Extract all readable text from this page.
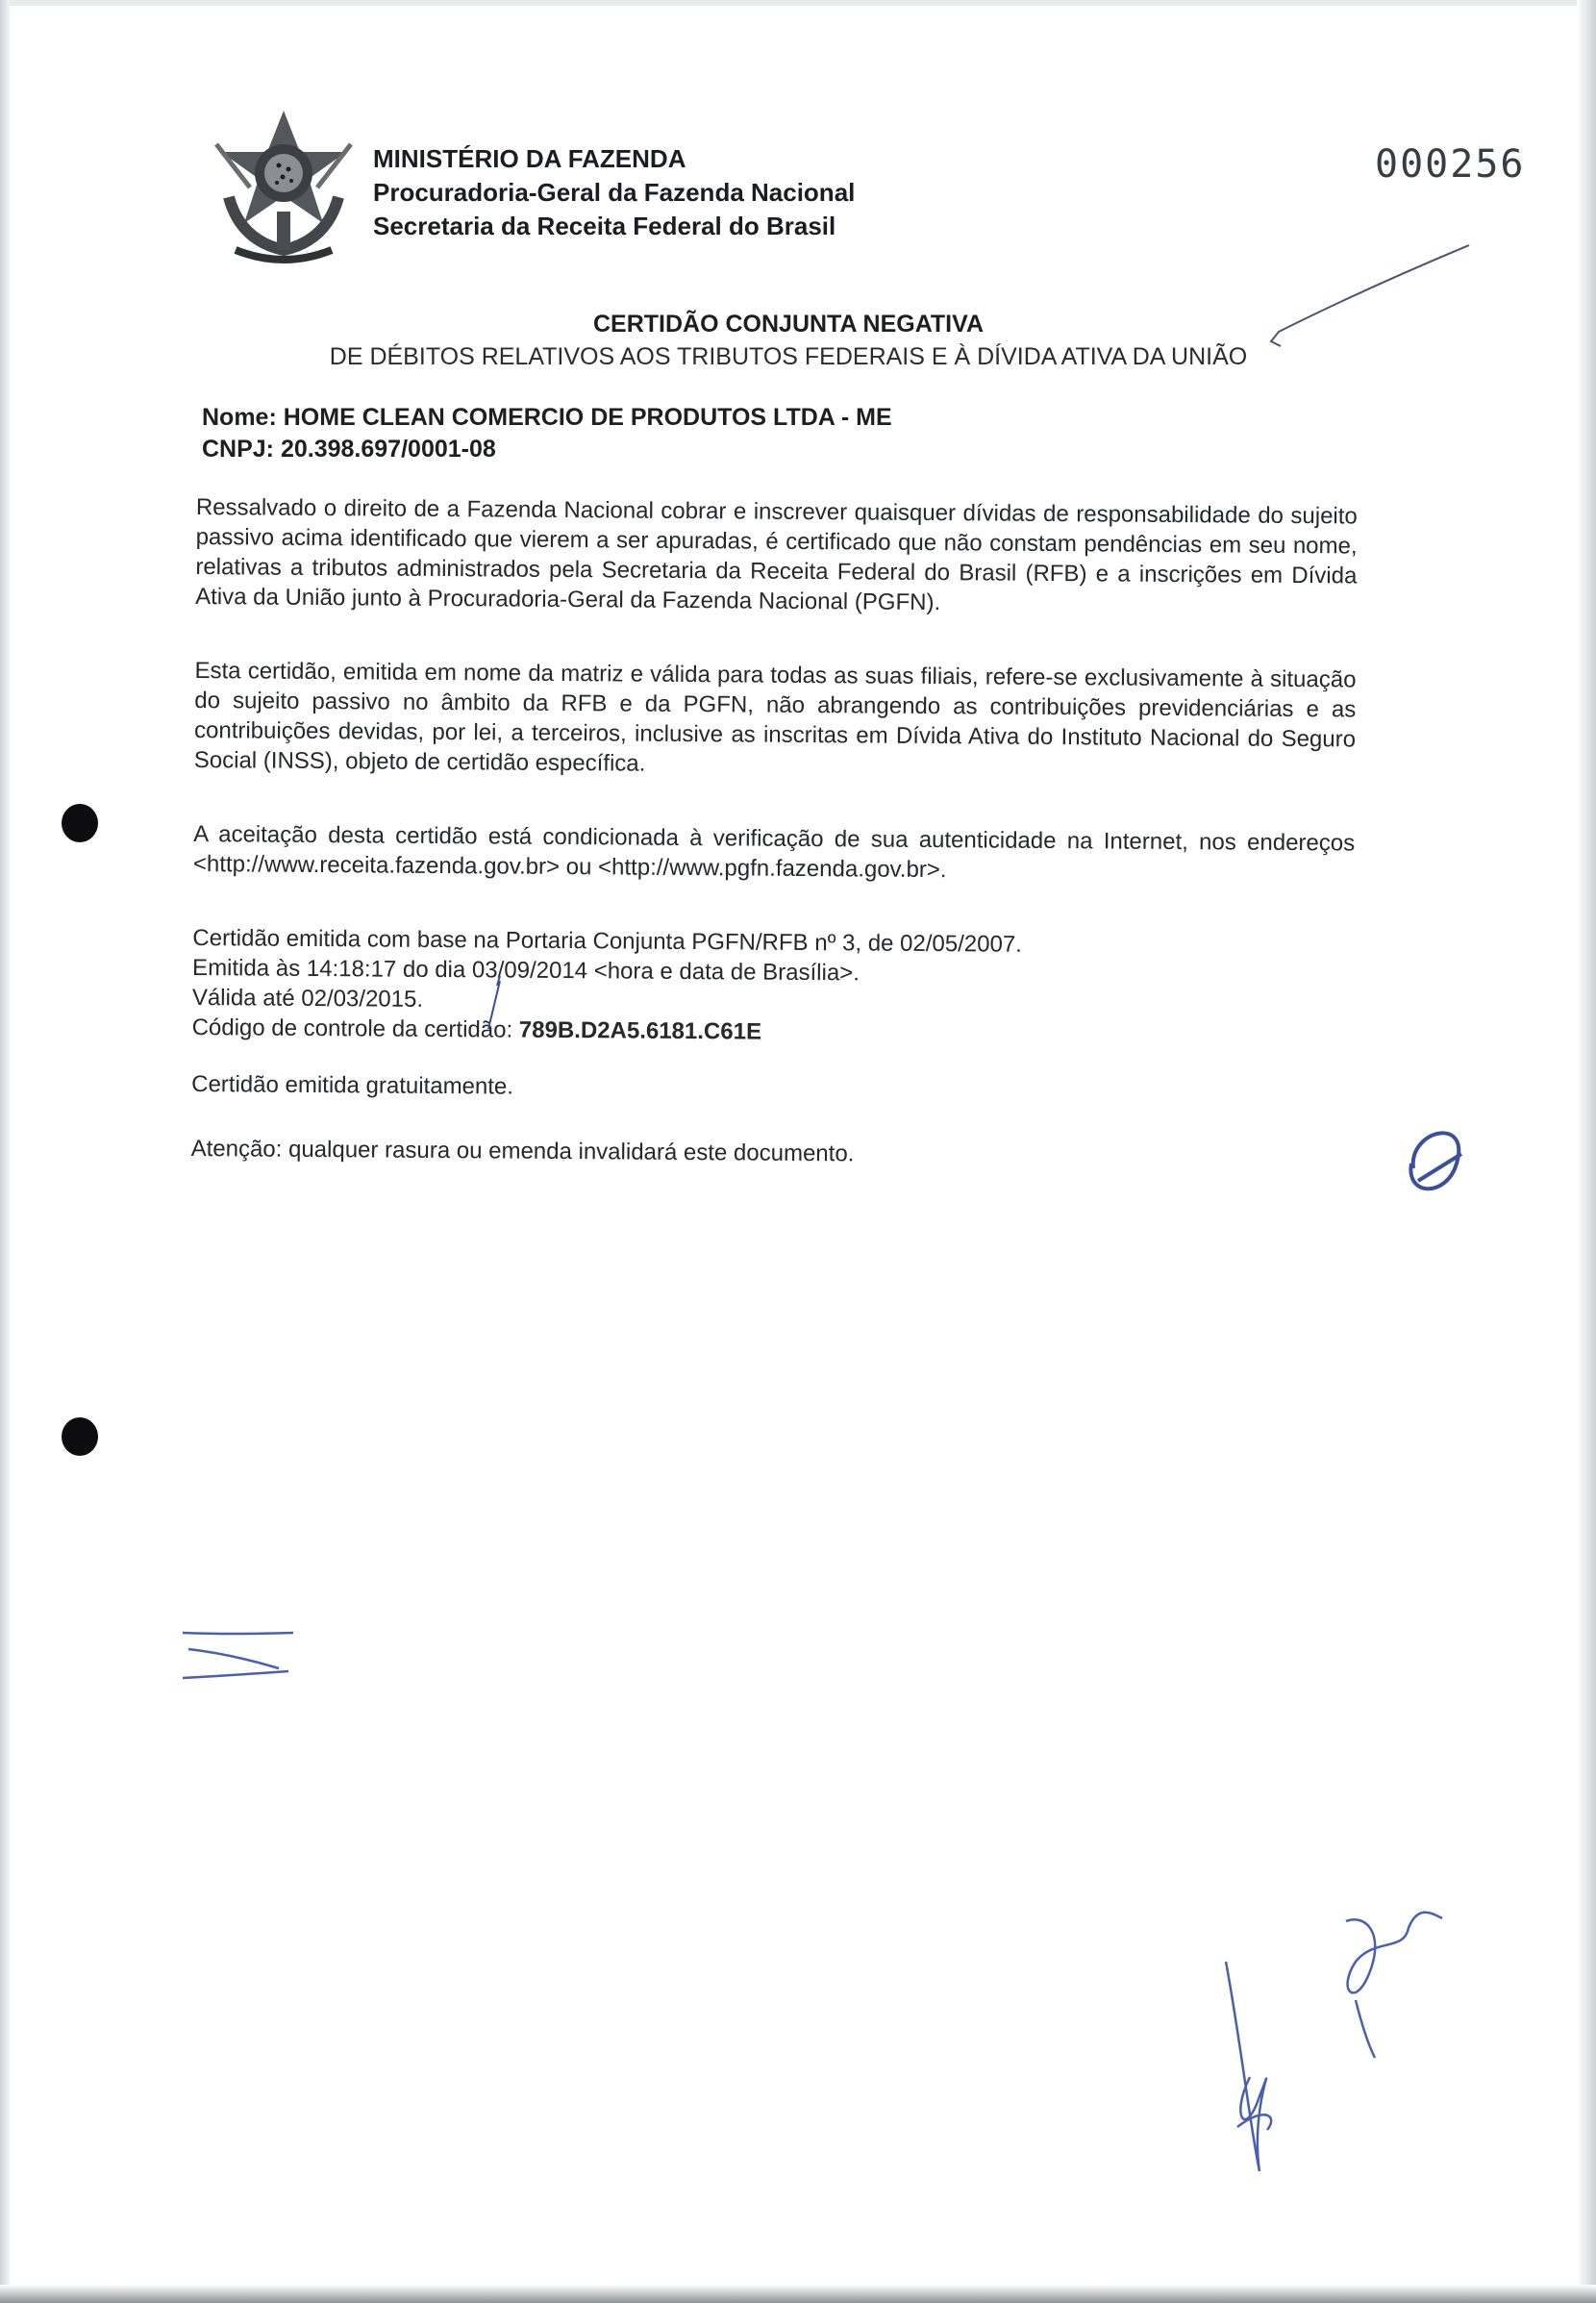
MINISTÉRIO DA FAZENDA
Procuradoria-Geral da Fazenda Nacional
Secretaria da Receita Federal do Brasil
000256
CERTIDÃO CONJUNTA NEGATIVA
DE DÉBITOS RELATIVOS AOS TRIBUTOS FEDERAIS E À DÍVIDA ATIVA DA UNIÃO
Nome: HOME CLEAN COMERCIO DE PRODUTOS LTDA - ME
CNPJ: 20.398.697/0001-08

Ressalvado o direito de a Fazenda Nacional cobrar e inscrever quaisquer dívidas de responsabilidade do sujeito passivo acima identificado que vierem a ser apuradas, é certificado que não constam pendências em seu nome, relativas a tributos administrados pela Secretaria da Receita Federal do Brasil (RFB) e a inscrições em Dívida Ativa da União junto à Procuradoria-Geral da Fazenda Nacional (PGFN).

Esta certidão, emitida em nome da matriz e válida para todas as suas filiais, refere-se exclusivamente à situação do sujeito passivo no âmbito da RFB e da PGFN, não abrangendo as contribuições previdenciárias e as contribuições devidas, por lei, a terceiros, inclusive as inscritas em Dívida Ativa do Instituto Nacional do Seguro Social (INSS), objeto de certidão específica.

A aceitação desta certidão está condicionada à verificação de sua autenticidade na Internet, nos endereços <http://www.receita.fazenda.gov.br> ou <http://www.pgfn.fazenda.gov.br>.

Certidão emitida com base na Portaria Conjunta PGFN/RFB nº 3, de 02/05/2007.
Emitida às 14:18:17 do dia 03/09/2014 <hora e data de Brasília>.
Válida até 02/03/2015.
Código de controle da certidão: 789B.D2A5.6181.C61E
Certidão emitida gratuitamente.
Atenção: qualquer rasura ou emenda invalidará este documento.
